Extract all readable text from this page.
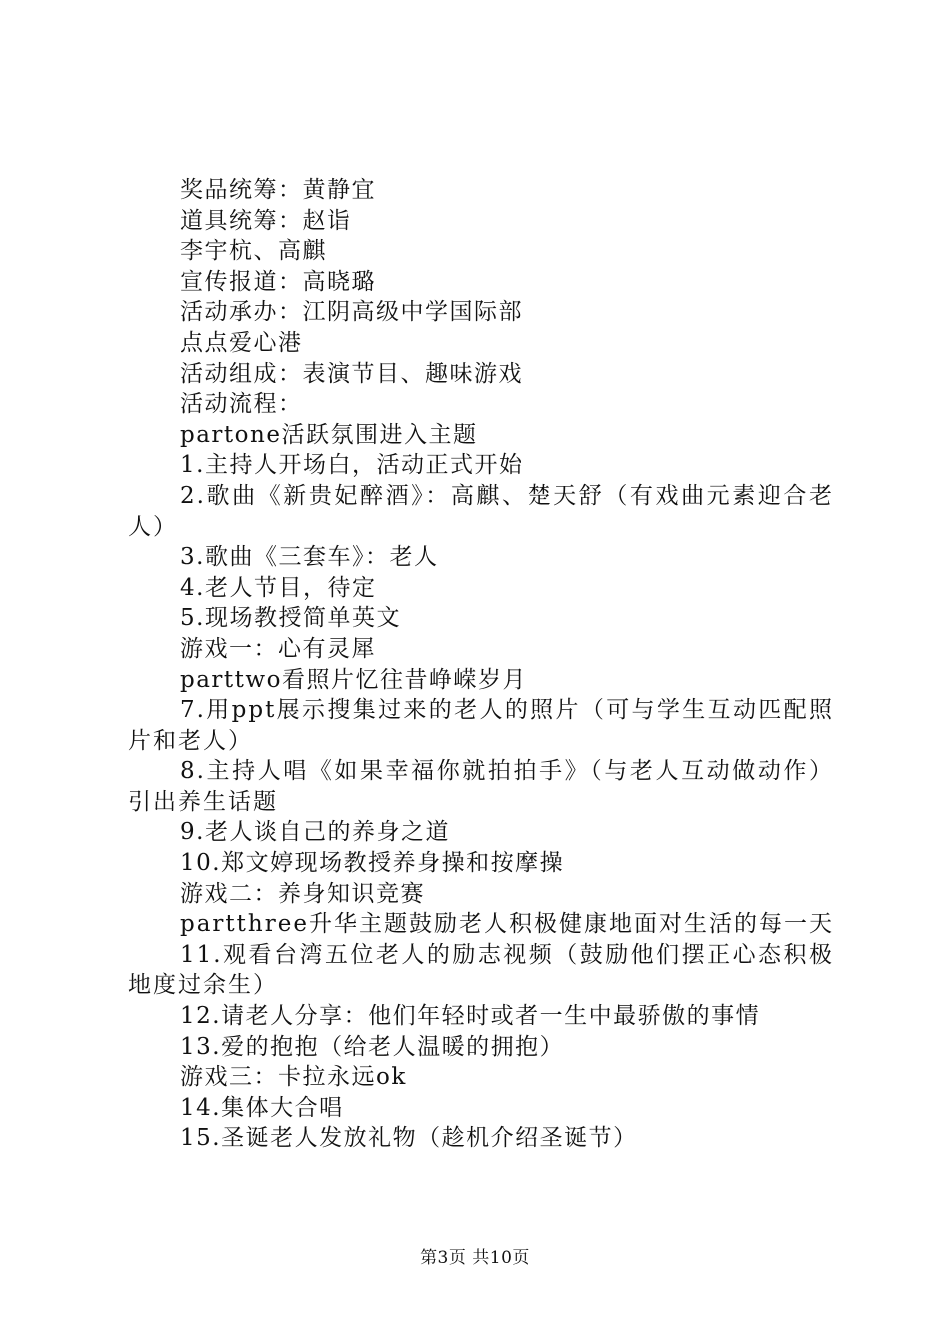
奖品统筹：黄静宜
道具统筹：赵诣
李宇杭、高麒
宣传报道：高晓璐
活动承办：江阴高级中学国际部
点点爱心港
活动组成：表演节目、趣味游戏
活动流程：
partone活跃氛围进入主题
1.主持人开场白，活动正式开始
2.歌曲《新贵妃醉酒》：高麒、楚天舒（有戏曲元素迎合老人）
3.歌曲《三套车》：老人
4.老人节目，待定
5.现场教授简单英文
游戏一：心有灵犀
parttwo看照片忆往昔峥嵘岁月
7.用ppt展示搜集过来的老人的照片（可与学生互动匹配照片和老人）
8.主持人唱《如果幸福你就拍拍手》（与老人互动做动作）引出养生话题
9.老人谈自己的养身之道
10.郑文婷现场教授养身操和按摩操
游戏二：养身知识竞赛
partthree升华主题鼓励老人积极健康地面对生活的每一天
11.观看台湾五位老人的励志视频（鼓励他们摆正心态积极地度过余生）
12.请老人分享：他们年轻时或者一生中最骄傲的事情
13.爱的抱抱（给老人温暖的拥抱）
游戏三：卡拉永远ok
14.集体大合唱
15.圣诞老人发放礼物（趁机介绍圣诞节）
第3页 共10页
